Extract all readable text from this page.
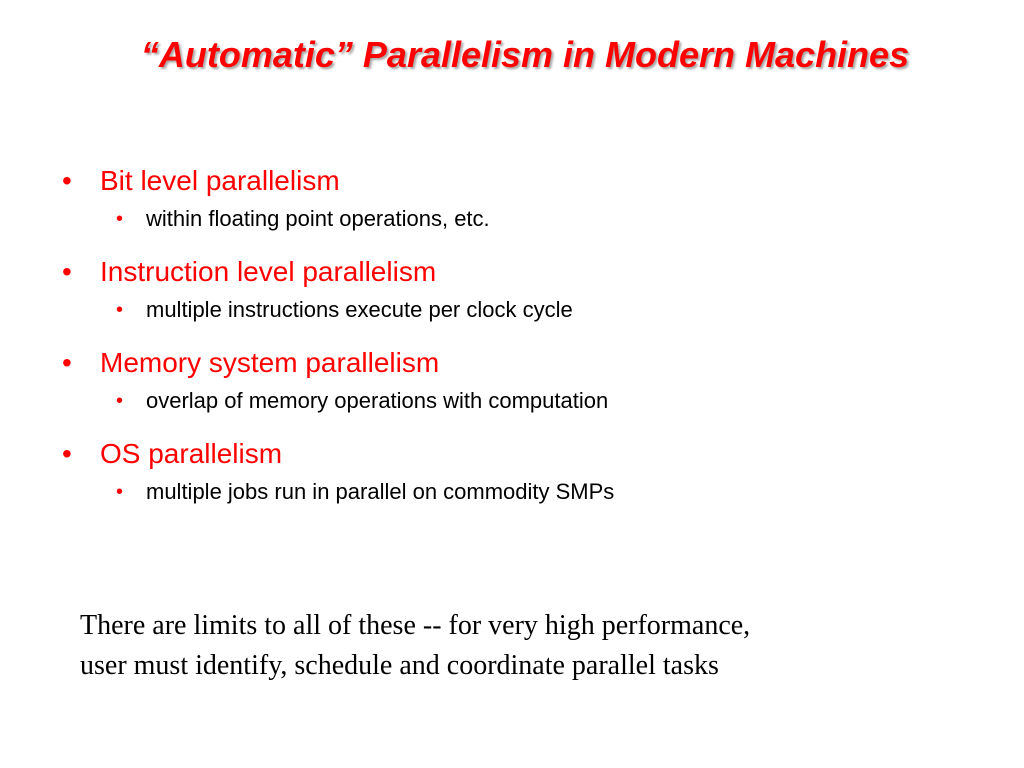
“Automatic” Parallelism in Modern Machines
• Bit level parallelism
• within floating point operations, etc.
• Instruction level parallelism
• multiple instructions execute per clock cycle
• Memory system parallelism
• overlap of memory operations with computation
• OS parallelism
• multiple jobs run in parallel on commodity SMPs
There are limits to all of these -- for very high performance,
user must identify, schedule and coordinate parallel tasks
